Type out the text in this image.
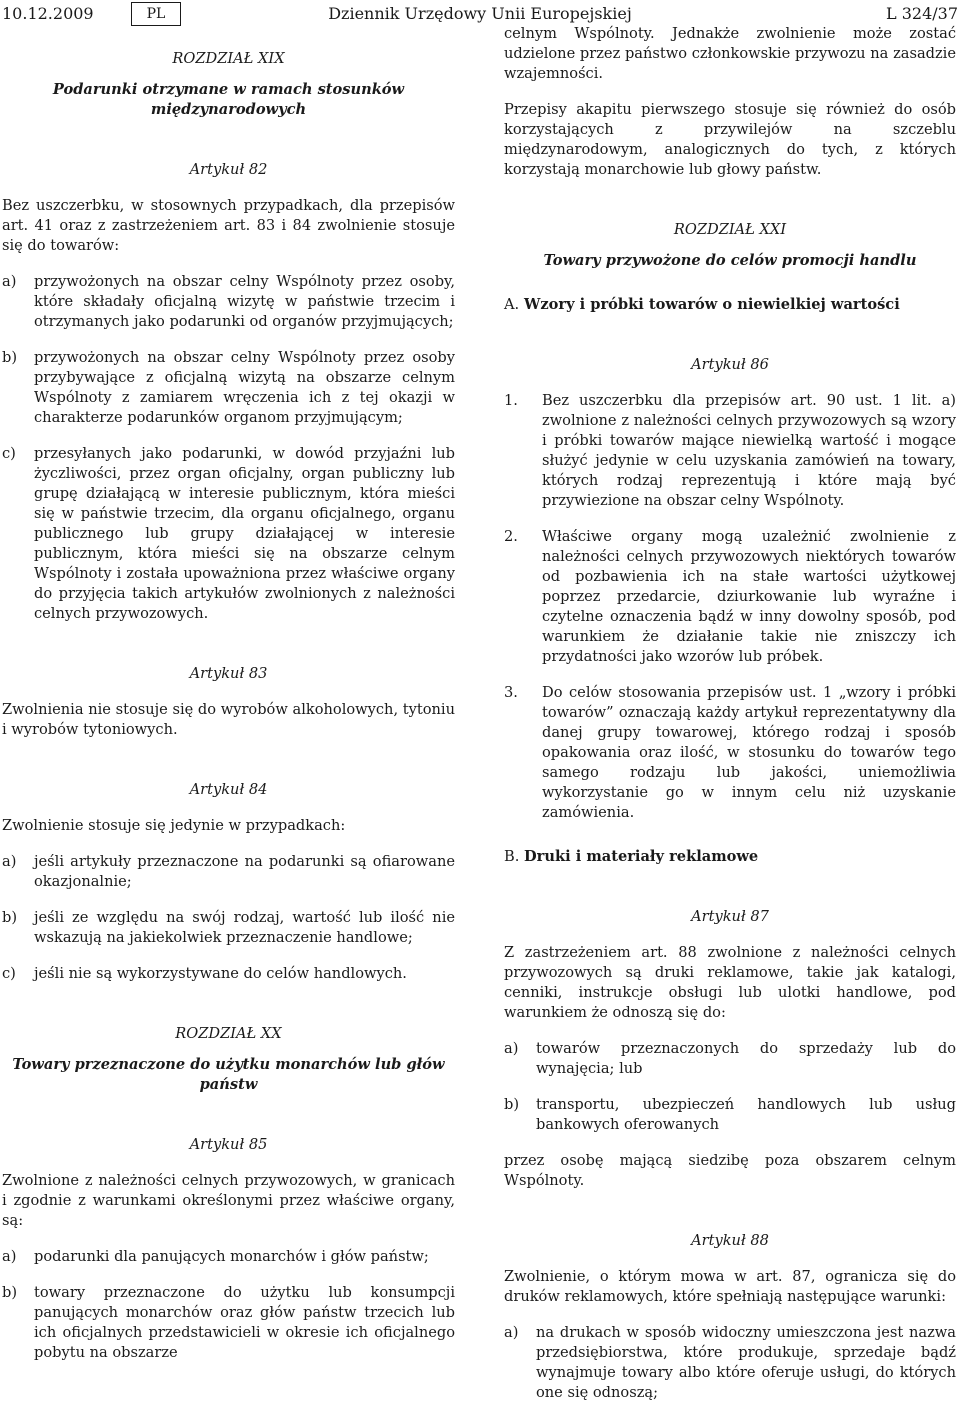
10.12.2009	PL	Dziennik Urzędowy Unii Europejskiej	L 324/37

ROZDZIAŁ XIX

Podarunki otrzymane w ramach stosunków

międzynarodowych

Artykuł 82

Bez uszczerbku, w stosownych przypadkach, dla przepisów art. 41 oraz z zastrzeżeniem art. 83 i 84 zwolnienie stosuje się do towarów:

a)	przywożonych na obszar celny Wspólnoty przez osoby, które składały oficjalną wizytę w państwie trzecim i otrzymanych jako podarunki od organów przyjmujących;
b)	przywożonych na obszar celny Wspólnoty przez osoby przybywające z oficjalną wizytą na obszarze celnym Wspólnoty z zamiarem wręczenia ich z tej okazji w charakterze podarunków organom przyjmującym;
c)	przesyłanych jako podarunki, w dowód przyjaźni lub życzliwości, przez organ oficjalny, organ publiczny lub grupę działającą w interesie publicznym, która mieści się w państwie trzecim, dla organu oficjalnego, organu publicznego lub grupy działającej w interesie publicznym, która mieści się na obszarze celnym Wspólnoty i została upoważniona przez właściwe organy do przyjęcia takich artykułów zwolnionych z należności celnych przywozowych.

Artykuł 83

Zwolnienia nie stosuje się do wyrobów alkoholowych, tytoniu i wyrobów tytoniowych.

Artykuł 84

Zwolnienie stosuje się jedynie w przypadkach:

a)	jeśli artykuły przeznaczone na podarunki są ofiarowane okazjonalnie;
b)	jeśli ze względu na swój rodzaj, wartość lub ilość nie wskazują na jakiekolwiek przeznaczenie handlowe;
c)	jeśli nie są wykorzystywane do celów handlowych.

ROZDZIAŁ XX

Towary przeznaczone do użytku monarchów lub głów państw

Artykuł 85

Zwolnione z należności celnych przywozowych, w granicach i zgodnie z warunkami określonymi przez właściwe organy, są:

a)	podarunki dla panujących monarchów i głów państw;
b)	towary przeznaczone do użytku lub konsumpcji panujących monarchów oraz głów państw trzecich lub ich oficjalnych przedstawicieli w okresie ich oficjalnego pobytu na obszarze

celnym Wspólnoty. Jednakże zwolnienie może zostać udzielone przez państwo członkowskie przywozu na zasadzie wzajemności.

Przepisy akapitu pierwszego stosuje się również do osób korzystających z przywilejów na szczeblu międzynarodowym, analogicznych do tych, z których korzystają monarchowie lub głowy państw.

ROZDZIAŁ XXI

Towary przywożone do celów promocji handlu

A. Wzory i próbki towarów o niewielkiej wartości

Artykuł 86

1.	Bez uszczerbku dla przepisów art. 90 ust. 1 lit. a) zwolnione z należności celnych przywozowych są wzory i próbki towarów mające niewielką wartość i mogące służyć jedynie w celu uzyskania zamówień na towary, których rodzaj reprezentują i które mają być przywiezione na obszar celny Wspólnoty.
2.	Właściwe organy mogą uzależnić zwolnienie z należności celnych przywozowych niektórych towarów od pozbawienia ich na stałe wartości użytkowej poprzez przedarcie, dziurkowanie lub wyraźne i czytelne oznaczenia bądź w inny dowolny sposób, pod warunkiem że działanie takie nie zniszczy ich przydatności jako wzorów lub próbek.
3.	Do celów stosowania przepisów ust. 1 „wzory i próbki towarów” oznaczają każdy artykuł reprezentatywny dla danej grupy towarowej, którego rodzaj i sposób opakowania oraz ilość, w stosunku do towarów tego samego rodzaju lub jakości, uniemożliwia wykorzystanie go w innym celu niż uzyskanie zamówienia.

B. Druki i materiały reklamowe

Artykuł 87

Z zastrzeżeniem art. 88 zwolnione z należności celnych przywozowych są druki reklamowe, takie jak katalogi, cenniki, instrukcje obsługi lub ulotki handlowe, pod warunkiem że odnoszą się do:

a)	towarów przeznaczonych do sprzedaży lub do wynajęcia; lub
b)	transportu, ubezpieczeń handlowych lub usług bankowych oferowanych

przez osobę mającą siedzibę poza obszarem celnym Wspólnoty.

Artykuł 88

Zwolnienie, o którym mowa w art. 87, ogranicza się do druków reklamowych, które spełniają następujące warunki:

a)	na drukach w sposób widoczny umieszczona jest nazwa przedsiębiorstwa, które produkuje, sprzedaje bądź wynajmuje towary albo które oferuje usługi, do których one się odnoszą;
